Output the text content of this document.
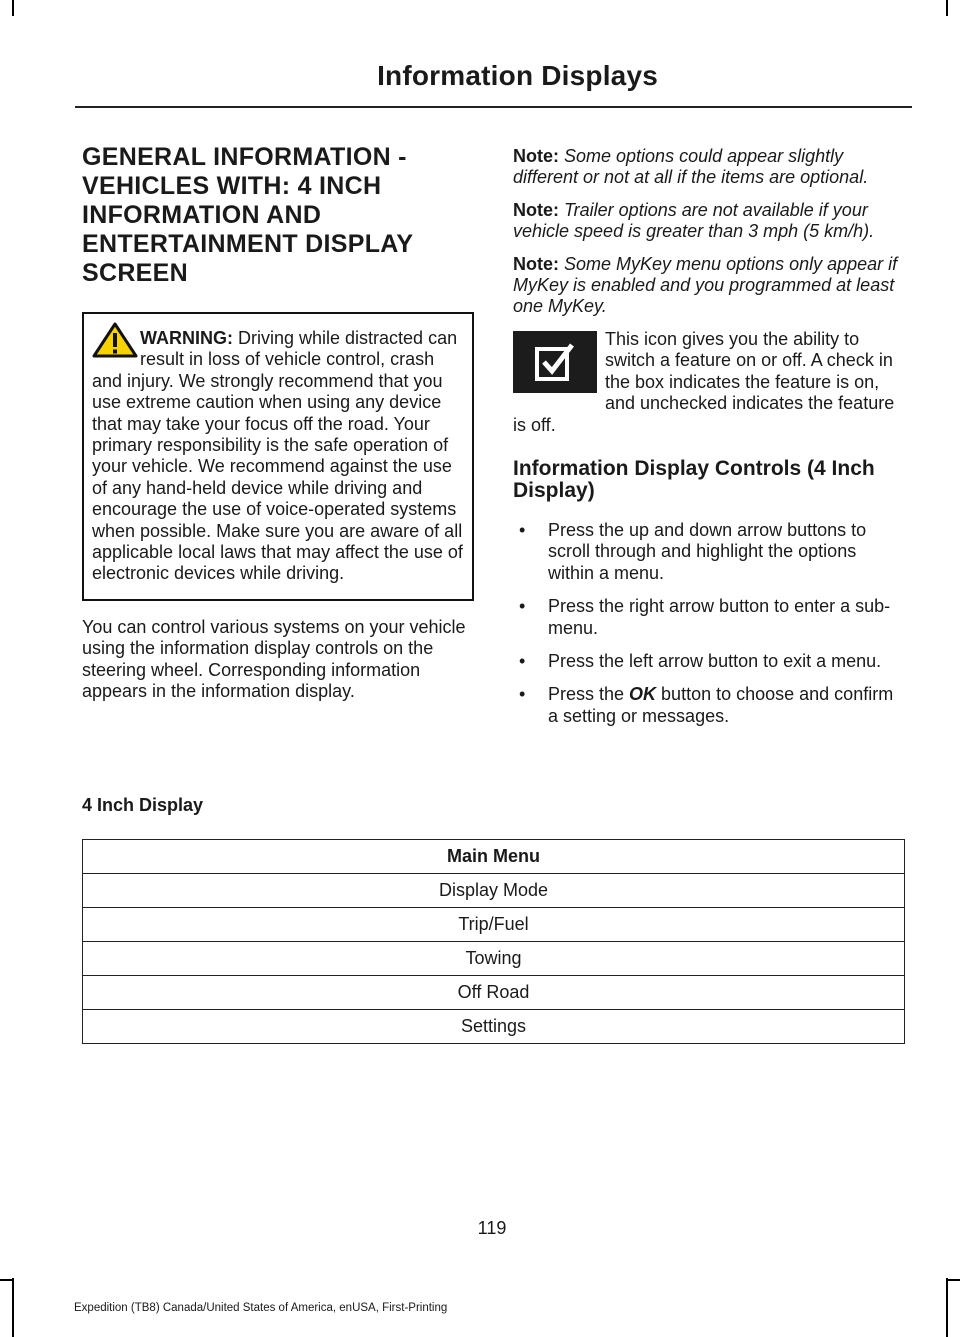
Information Displays
GENERAL INFORMATION -
VEHICLES WITH: 4 INCH
INFORMATION AND
ENTERTAINMENT DISPLAY
SCREEN
WARNING: Driving while distracted can result in loss of vehicle control, crash and injury. We strongly recommend that you use extreme caution when using any device that may take your focus off the road. Your primary responsibility is the safe operation of your vehicle. We recommend against the use of any hand-held device while driving and encourage the use of voice-operated systems when possible. Make sure you are aware of all applicable local laws that may affect the use of electronic devices while driving.

You can control various systems on your vehicle using the information display controls on the steering wheel. Corresponding information appears in the information display.

Note: Some options could appear slightly different or not at all if the items are optional.

Note: Trailer options are not available if your vehicle speed is greater than 3 mph (5 km/h).

Note: Some MyKey menu options only appear if MyKey is enabled and you programmed at least one MyKey.

This icon gives you the ability to switch a feature on or off. A check in the box indicates the feature is on, and unchecked indicates the feature is off.
Information Display Controls (4 Inch Display)
• Press the up and down arrow buttons to scroll through and highlight the options within a menu.
• Press the right arrow button to enter a sub-menu.
• Press the left arrow button to exit a menu.
• Press the OK button to choose and confirm a setting or messages.
4 Inch Display
Main Menu
Display Mode
Trip/Fuel
Towing
Off Road
Settings
119
Expedition (TB8) Canada/United States of America, enUSA, First-Printing
